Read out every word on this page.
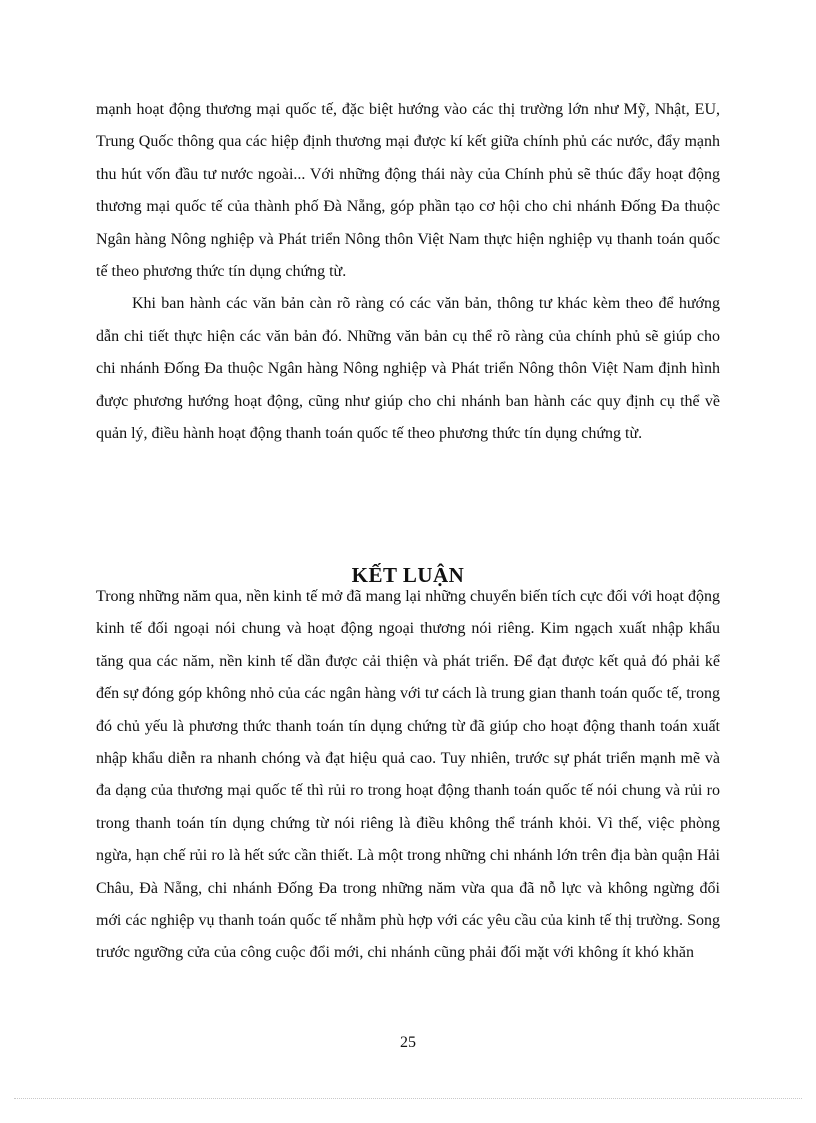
mạnh hoạt động thương mại quốc tế, đặc biệt hướng vào các thị trường lớn như Mỹ, Nhật, EU, Trung Quốc thông qua các hiệp định thương mại được kí kết giữa chính phủ các nước, đẩy mạnh thu hút vốn đầu tư nước ngoài... Với những động thái này của Chính phủ sẽ thúc đẩy hoạt động thương mại quốc tế của thành phố Đà Nẵng, góp phần tạo cơ hội cho chi nhánh Đống Đa thuộc Ngân hàng Nông nghiệp và Phát triển Nông thôn Việt Nam thực hiện nghiệp vụ thanh toán quốc tế theo phương thức tín dụng chứng từ.

Khi ban hành các văn bản càn rõ ràng có các văn bản, thông tư khác kèm theo để hướng dẫn chi tiết thực hiện các văn bản đó. Những văn bản cụ thể rõ ràng của chính phủ sẽ giúp cho chi nhánh Đống Đa thuộc Ngân hàng Nông nghiệp và Phát triển Nông thôn Việt Nam định hình được phương hướng hoạt động, cũng như giúp cho chi nhánh ban hành các quy định cụ thể về quản lý, điều hành hoạt động thanh toán quốc tế theo phương thức tín dụng chứng từ.

KẾT LUẬN

Trong những năm qua, nền kinh tế mở đã mang lại những chuyển biến tích cực đối với hoạt động kinh tế đối ngoại nói chung và hoạt động ngoại thương nói riêng. Kim ngạch xuất nhập khẩu tăng qua các năm, nền kinh tế dần được cải thiện và phát triển. Để đạt được kết quả đó phải kể đến sự đóng góp không nhỏ của các ngân hàng với tư cách là trung gian thanh toán quốc tế, trong đó chủ yếu là phương thức thanh toán tín dụng chứng từ đã giúp cho hoạt động thanh toán xuất nhập khẩu diễn ra nhanh chóng và đạt hiệu quả cao. Tuy nhiên, trước sự phát triển mạnh mẽ và đa dạng của thương mại quốc tế thì rủi ro trong hoạt động thanh toán quốc tế nói chung và rủi ro trong thanh toán tín dụng chứng từ nói riêng là điều không thể tránh khỏi. Vì thế, việc phòng ngừa, hạn chế rủi ro là hết sức cần thiết. Là một trong những chi nhánh lớn trên địa bàn quận Hải Châu, Đà Nẵng, chi nhánh Đống Đa trong những năm vừa qua đã nỗ lực và không ngừng đổi mới các nghiệp vụ thanh toán quốc tế nhằm phù hợp với các yêu cầu của kinh tế thị trường. Song trước ngưỡng cửa của công cuộc đổi mới, chi nhánh cũng phải đối mặt với không ít khó khăn

25
